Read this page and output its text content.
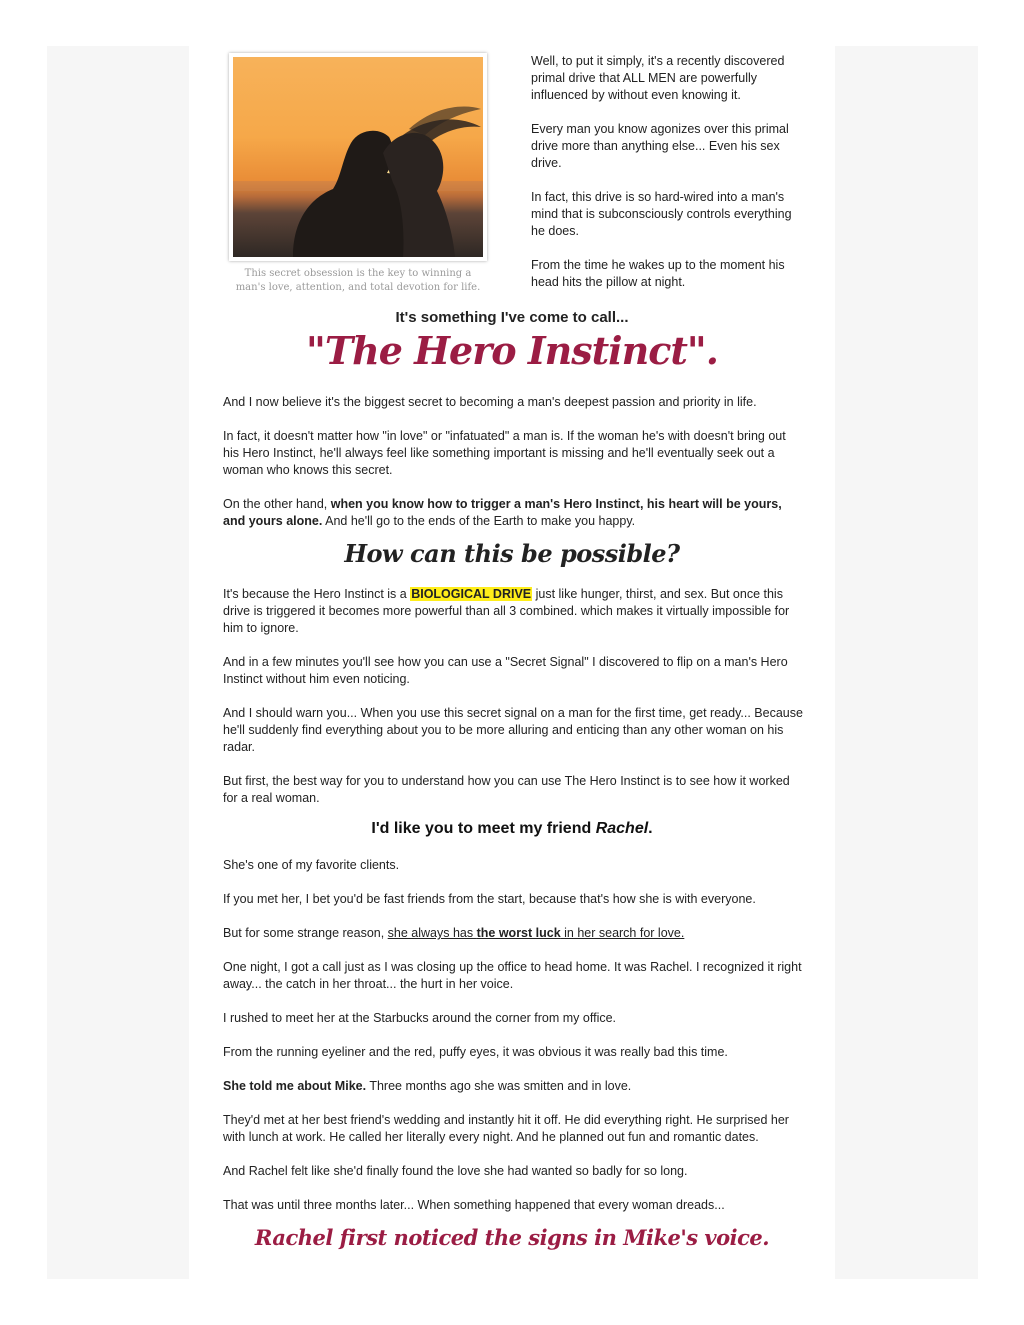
This secret obsession is the key to winning a man's love, attention, and total devotion for life.

Well, to put it simply, it's a recently discovered primal drive that ALL MEN are powerfully influenced by without even knowing it.

Every man you know agonizes over this primal drive more than anything else... Even his sex drive.

In fact, this drive is so hard-wired into a man's mind that is subconsciously controls everything he does.

From the time he wakes up to the moment his head hits the pillow at night.

It's something I've come to call...
"The Hero Instinct".

And I now believe it's the biggest secret to becoming a man's deepest passion and priority in life.

In fact, it doesn't matter how "in love" or "infatuated" a man is. If the woman he's with doesn't bring out his Hero Instinct, he'll always feel like something important is missing and he'll eventually seek out a woman who knows this secret.

On the other hand, when you know how to trigger a man's Hero Instinct, his heart will be yours, and yours alone. And he'll go to the ends of the Earth to make you happy.

How can this be possible?

It's because the Hero Instinct is a BIOLOGICAL DRIVE just like hunger, thirst, and sex. But once this drive is triggered it becomes more powerful than all 3 combined. which makes it virtually impossible for him to ignore.

And in a few minutes you'll see how you can use a "Secret Signal" I discovered to flip on a man's Hero Instinct without him even noticing.

And I should warn you... When you use this secret signal on a man for the first time, get ready... Because he'll suddenly find everything about you to be more alluring and enticing than any other woman on his radar.

But first, the best way for you to understand how you can use The Hero Instinct is to see how it worked for a real woman.

I'd like you to meet my friend Rachel.

She's one of my favorite clients.

If you met her, I bet you'd be fast friends from the start, because that's how she is with everyone.

But for some strange reason, she always has the worst luck in her search for love.

One night, I got a call just as I was closing up the office to head home. It was Rachel. I recognized it right away... the catch in her throat... the hurt in her voice.

I rushed to meet her at the Starbucks around the corner from my office.

From the running eyeliner and the red, puffy eyes, it was obvious it was really bad this time.

She told me about Mike. Three months ago she was smitten and in love.

They'd met at her best friend's wedding and instantly hit it off. He did everything right. He surprised her with lunch at work. He called her literally every night. And he planned out fun and romantic dates.

And Rachel felt like she'd finally found the love she had wanted so badly for so long.

That was until three months later... When something happened that every woman dreads...

Rachel first noticed the signs in Mike's voice.
